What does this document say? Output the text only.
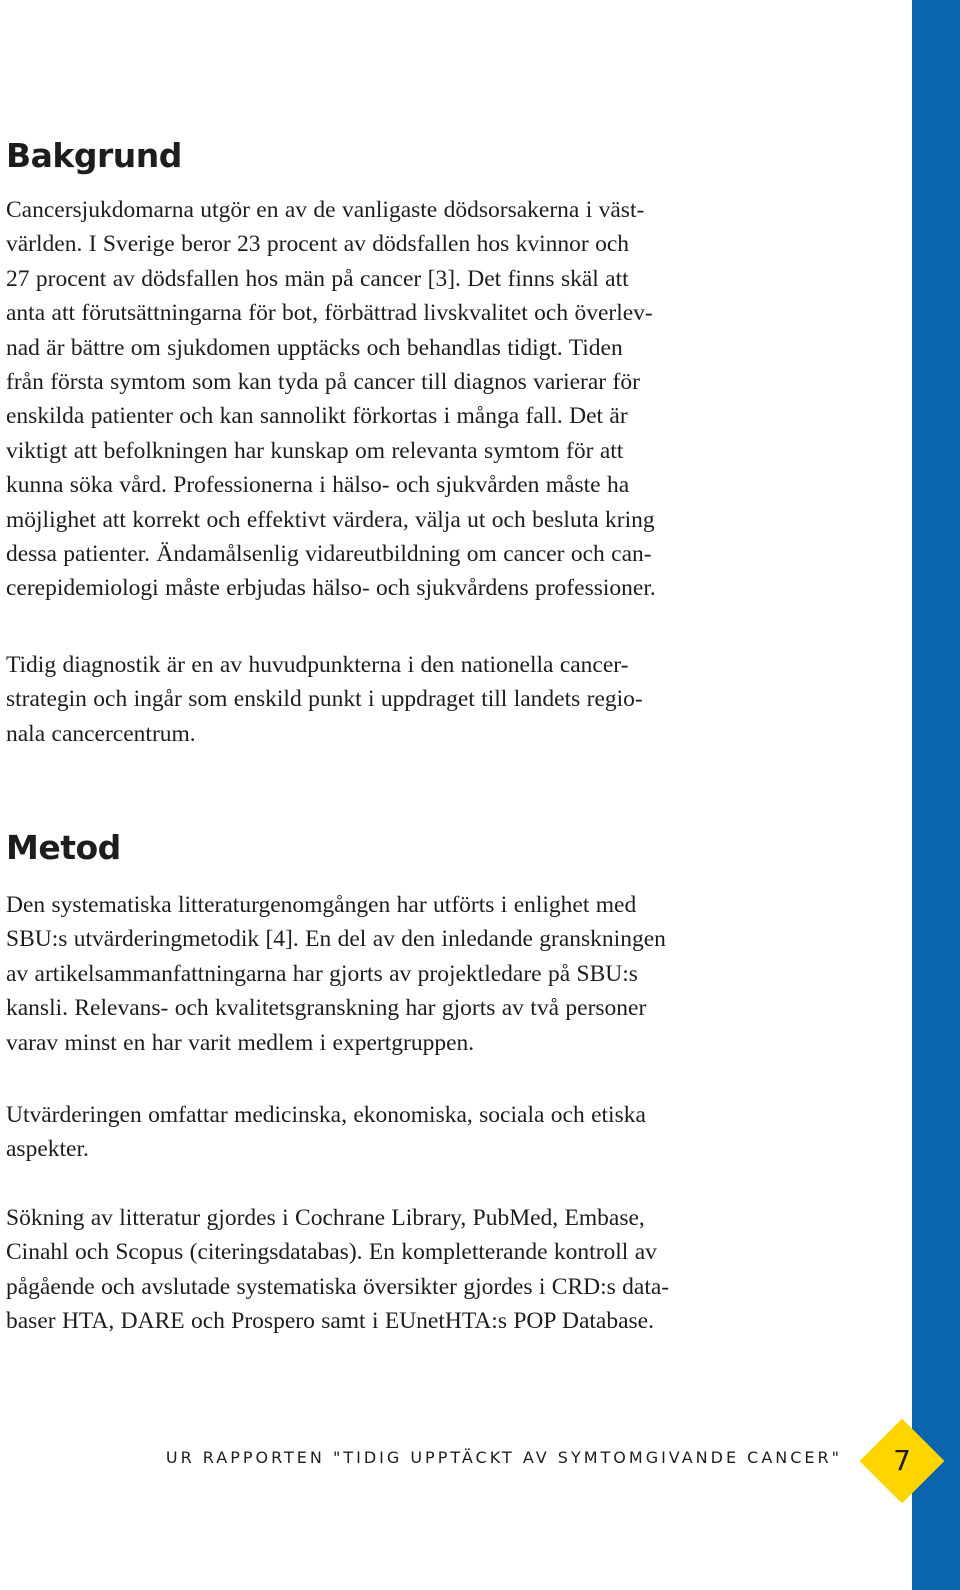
Bakgrund

Cancersjukdomarna utgör en av de vanligaste dödsorsakerna i väst-
världen. I Sverige beror 23 procent av dödsfallen hos kvinnor och
27 procent av dödsfallen hos män på cancer [3]. Det finns skäl att
anta att förutsättningarna för bot, förbättrad livskvalitet och överlev-
nad är bättre om sjukdomen upptäcks och behandlas tidigt. Tiden
från första symtom som kan tyda på cancer till diagnos varierar för
enskilda patienter och kan sannolikt förkortas i många fall. Det är
viktigt att befolkningen har kunskap om relevanta symtom för att
kunna söka vård. Professionerna i hälso- och sjukvården måste ha
möjlighet att korrekt och effektivt värdera, välja ut och besluta kring
dessa patienter. Ändamålsenlig vidareutbildning om cancer och can-
cerepidemiologi måste erbjudas hälso- och sjukvårdens professioner.

Tidig diagnostik är en av huvudpunkterna i den nationella cancer-
strategin och ingår som enskild punkt i uppdraget till landets regio-
nala cancercentrum.

Metod

Den systematiska litteraturgenomgången har utförts i enlighet med
SBU:s utvärderingmetodik [4]. En del av den inledande granskningen
av artikelsammanfattningarna har gjorts av projektledare på SBU:s
kansli. Relevans- och kvalitetsgranskning har gjorts av två personer
varav minst en har varit medlem i expertgruppen.

Utvärderingen omfattar medicinska, ekonomiska, sociala och etiska
aspekter.

Sökning av litteratur gjordes i Cochrane Library, PubMed, Embase,
Cinahl och Scopus (citeringsdatabas). En kompletterande kontroll av
pågående och avslutade systematiska översikter gjordes i CRD:s data-
baser HTA, DARE och Prospero samt i EUnetHTA:s POP Database.

UR RAPPORTEN "TIDIG UPPTÄCKT AV SYMTOMGIVANDE CANCER"	7
